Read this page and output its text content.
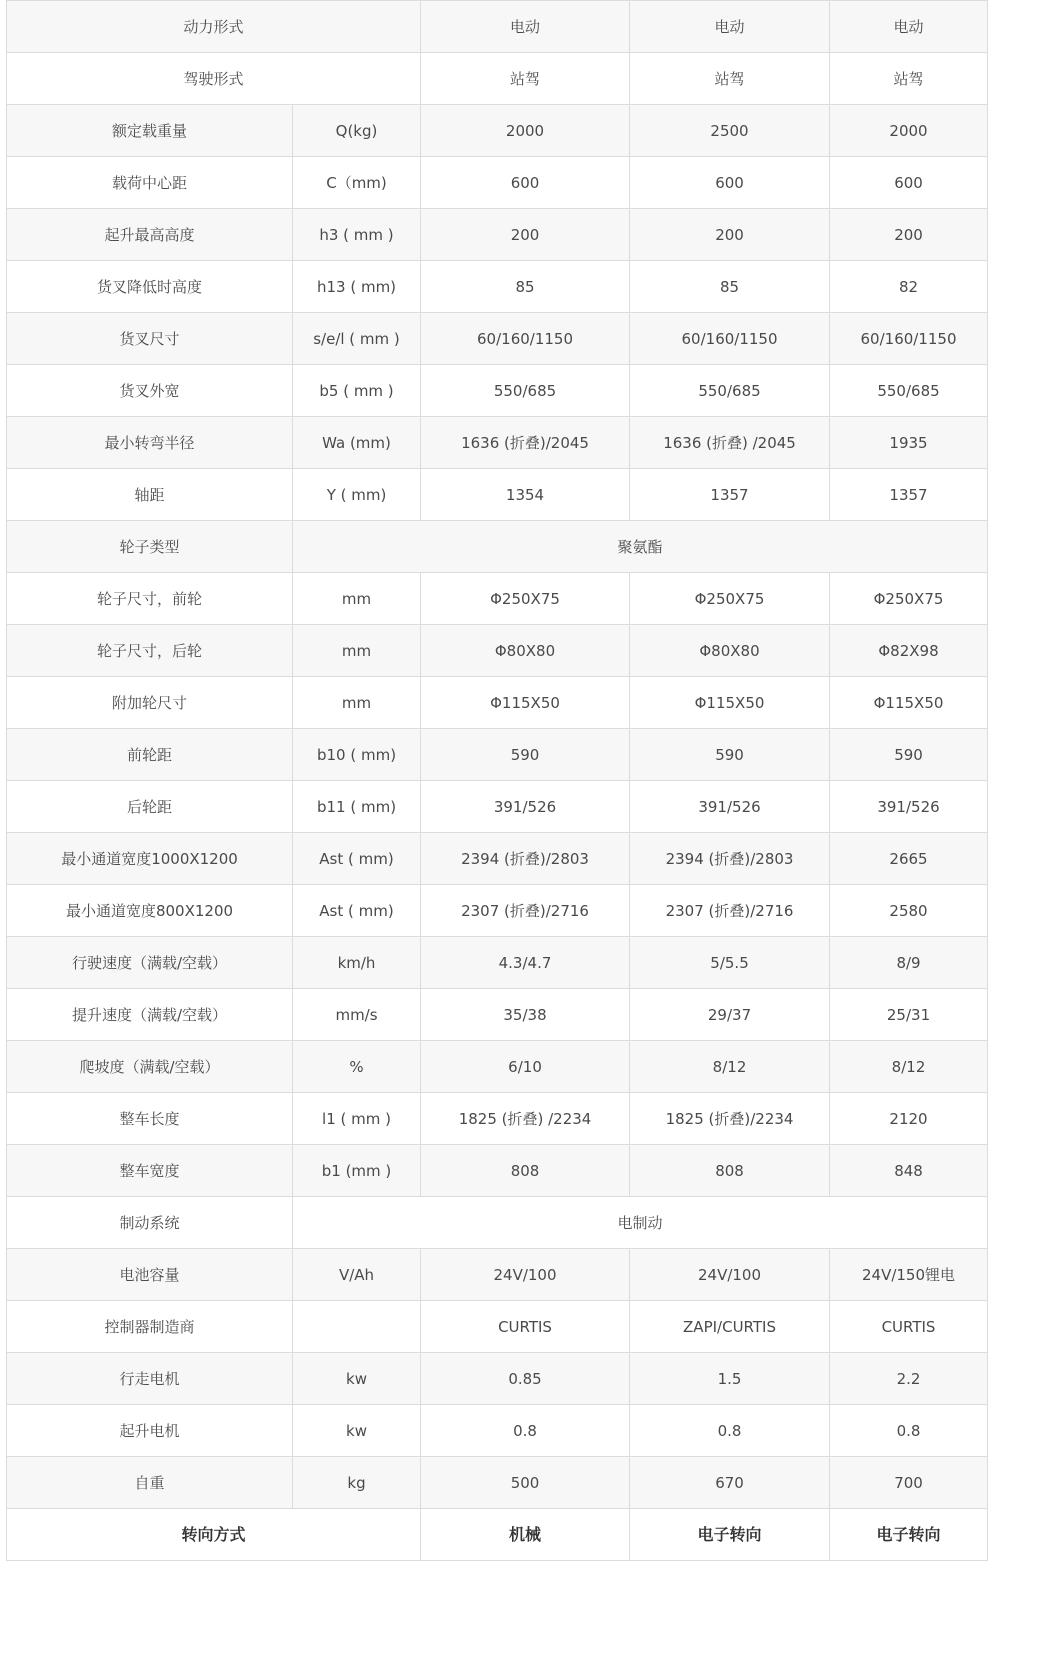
动力形式		电动	电动	电动
驾驶形式		站驾	站驾	站驾
额定载重量	Q(kg)	2000	2500	2000
载荷中心距	C（mm)	600	600	600
起升最高高度	h3 ( mm )	200	200	200
货叉降低时高度	h13 ( mm)	85	85	82
货叉尺寸	s/e/l ( mm )	60/160/1150	60/160/1150	60/160/1150
货叉外宽	b5 ( mm )	550/685	550/685	550/685
最小转弯半径	Wa (mm)	1636 (折叠)/2045	1636 (折叠) /2045	1935
轴距	Y ( mm)	1354	1357	1357
轮子类型	聚氨酯			
轮子尺寸，前轮	mm	Φ250X75	Φ250X75	Φ250X75
轮子尺寸，后轮	mm	Φ80X80	Φ80X80	Φ82X98
附加轮尺寸	mm	Φ115X50	Φ115X50	Φ115X50
前轮距	b10 ( mm)	590	590	590
后轮距	b11 ( mm)	391/526	391/526	391/526
最小通道宽度1000X1200	Ast ( mm)	2394 (折叠)/2803	2394 (折叠)/2803	2665
最小通道宽度800X1200	Ast ( mm)	2307 (折叠)/2716	2307 (折叠)/2716	2580
行驶速度（满载/空载）	km/h	4.3/4.7	5/5.5	8/9
提升速度（满载/空载）	mm/s	35/38	29/37	25/31
爬坡度（满载/空载）	%	6/10	8/12	8/12
整车长度	l1 ( mm )	1825 (折叠) /2234	1825 (折叠)/2234	2120
整车宽度	b1 (mm )	808	808	848
制动系统	电制动			
电池容量	V/Ah	24V/100	24V/100	24V/150锂电
控制器制造商		CURTIS	ZAPI/CURTIS	CURTIS
行走电机	kw	0.85	1.5	2.2
起升电机	kw	0.8	0.8	0.8
自重	kg	500	670	700
转向方式		机械	电子转向	电子转向
